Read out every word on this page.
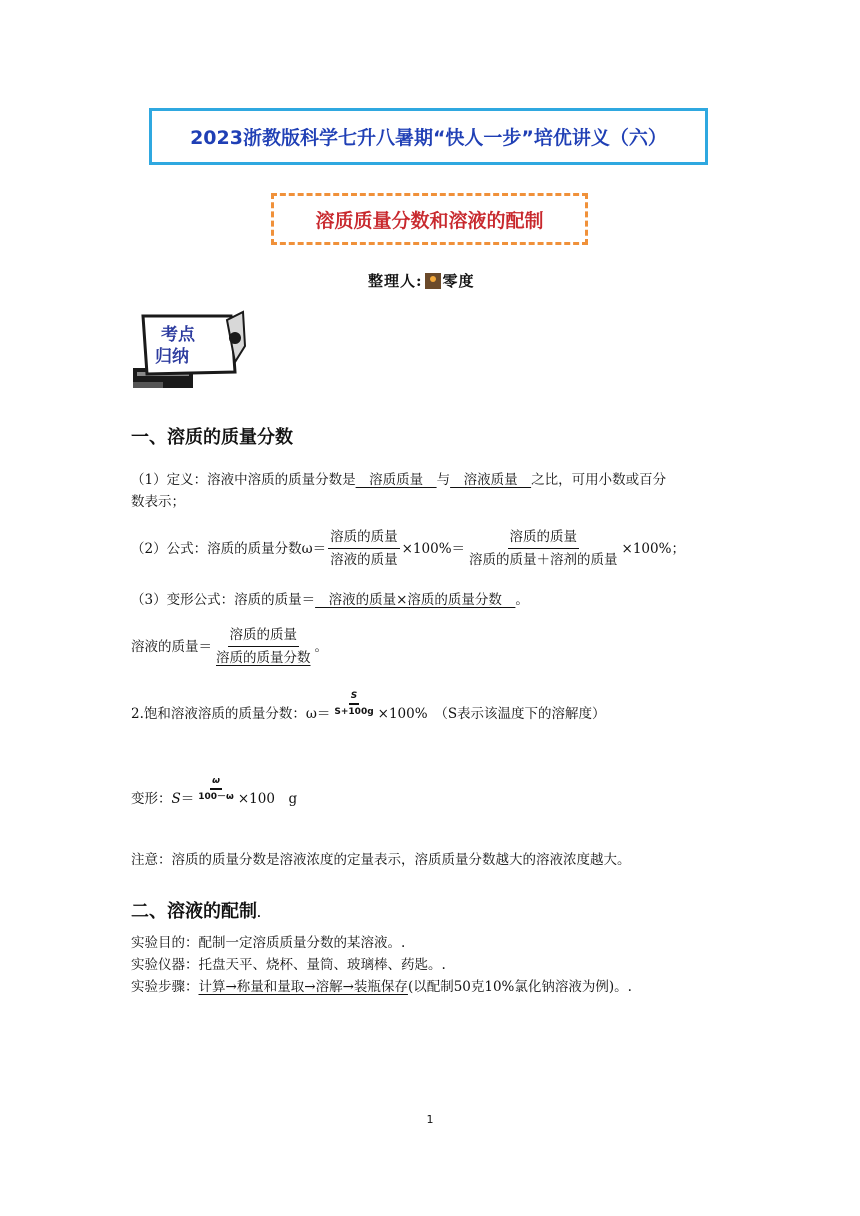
2023浙教版科学七升八暑期“快人一步”培优讲义（六）
溶质质量分数和溶液的配制
整理人: 零度
考点
归纳
一、溶质的质量分数
（1）定义：溶液中溶质的质量分数是　溶质质量　与　溶液质量　之比，可用小数或百分
数表示；
（2）公式：溶质的质量分数$\omega= \frac{\text{溶质的质量}}{\text{溶液的质量}} \times 100\%= \frac{\text{溶质的质量}}{\text{溶质的质量＋溶剂的质量}} \times 100\%$；
（3）变形公式：溶质的质量＝　溶液的质量×溶质的质量分数　。
溶液的质量＝ $\frac{\text{溶质的质量}}{\text{溶质的质量分数}}$ 。
2.饱和溶液溶质的质量分数：$\omega= \frac{S}{S+100g} \times 100\%$　（S表示该温度下的溶解度）
变形： $S = \frac{\omega}{100-\omega} \times 100$　g
注意：溶质的质量分数是溶液浓度的定量表示，溶质质量分数越大的溶液浓度越大。
二、溶液的配制.
实验目的：配制一定溶质质量分数的某溶液。.
实验仪器：托盘天平、烧杯、量筒、玻璃棒、药匙。.
实验步骤：计算→称量和量取→溶解→装瓶保存(以配制50克10%氯化钠溶液为例)。.
1
